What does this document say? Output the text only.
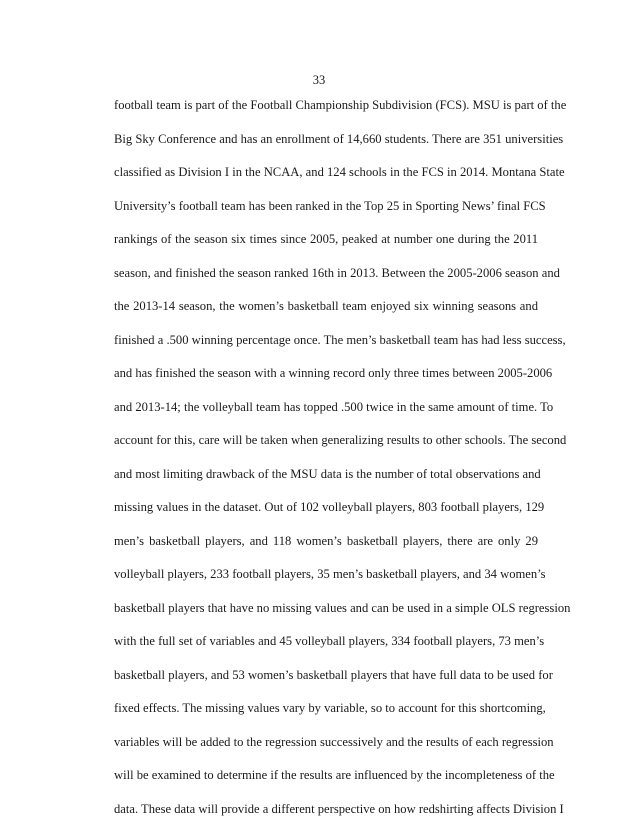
33
football team is part of the Football Championship Subdivision (FCS). MSU is part of the
Big Sky Conference and has an enrollment of 14,660 students. There are 351 universities
classified as Division I in the NCAA, and 124 schools in the FCS in 2014. Montana State
University’s football team has been ranked in the Top 25 in Sporting News’ final FCS
rankings of the season six times since 2005, peaked at number one during the 2011
season, and finished the season ranked 16th in 2013. Between the 2005-2006 season and
the 2013-14 season, the women’s basketball team enjoyed six winning seasons and
finished a .500 winning percentage once. The men’s basketball team has had less success,
and has finished the season with a winning record only three times between 2005-2006
and 2013-14; the volleyball team has topped .500 twice in the same amount of time. To
account for this, care will be taken when generalizing results to other schools. The second
and most limiting drawback of the MSU data is the number of total observations and
missing values in the dataset. Out of 102 volleyball players, 803 football players, 129
men’s basketball players, and 118 women’s basketball players, there are only 29
volleyball players, 233 football players, 35 men’s basketball players, and 34 women’s
basketball players that have no missing values and can be used in a simple OLS regression
with the full set of variables and 45 volleyball players, 334 football players, 73 men’s
basketball players, and 53 women’s basketball players that have full data to be used for
fixed effects. The missing values vary by variable, so to account for this shortcoming,
variables will be added to the regression successively and the results of each regression
will be examined to determine if the results are influenced by the incompleteness of the
data. These data will provide a different perspective on how redshirting affects Division I
